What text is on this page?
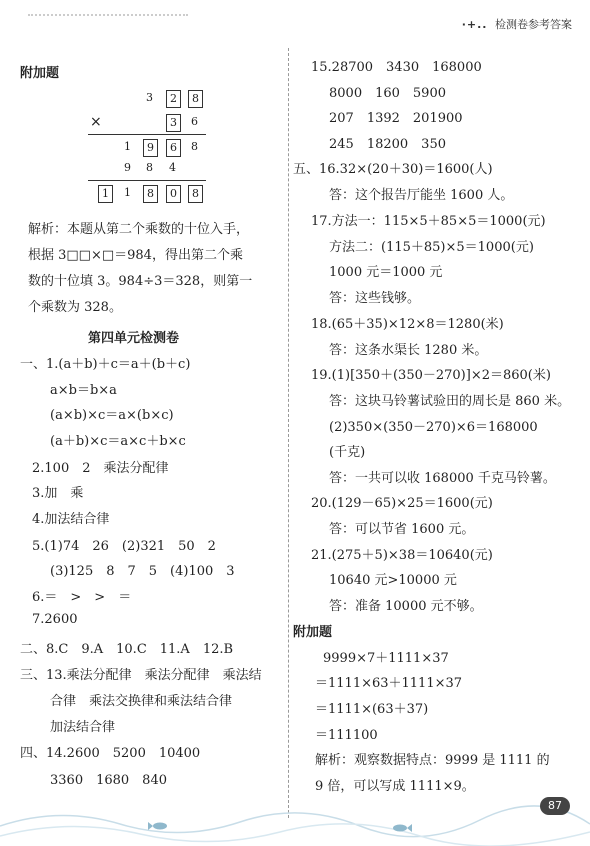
·+.. 检测卷参考答案
附加题
3	2	8
×	3	6
1	9	6	8
9 8 4
1	1	8	0	8
解析：本题从第二个乘数的十位入手，
根据 3□□×□＝984，得出第二个乘
数的十位填 3。984÷3＝328，则第一
个乘数为 328。
第四单元检测卷
一、1.(a＋b)＋c＝a＋(b＋c)
a×b＝b×a
(a×b)×c＝a×(b×c)
(a＋b)×c＝a×c＋b×c
2.100　2　乘法分配律
3.加　乘
4.加法结合律
5.(1)74　26　(2)321　50　2
(3)125　8　7　5　(4)100　3
6.＝　>　>　＝
7.2600
二、8.C　9.A　10.C　11.A　12.B
三、13.乘法分配律　乘法分配律　乘法结
合律　乘法交换律和乘法结合律
加法结合律
四、14.2600　5200　10400
3360　1680　840
15.28700　3430　168000
8000　160　5900
207　1392　201900
245　18200　350
五、16.32×(20＋30)＝1600(人)
答：这个报告厅能坐 1600 人。
17.方法一：115×5＋85×5＝1000(元)
方法二：(115＋85)×5＝1000(元)
1000 元＝1000 元
答：这些钱够。
18.(65＋35)×12×8＝1280(米)
答：这条水渠长 1280 米。
19.(1)[350＋(350－270)]×2＝860(米)
答：这块马铃薯试验田的周长是 860 米。
(2)350×(350－270)×6＝168000
(千克)
答：一共可以收 168000 千克马铃薯。
20.(129－65)×25＝1600(元)
答：可以节省 1600 元。
21.(275＋5)×38＝10640(元)
10640 元>10000 元
答：准备 10000 元不够。
附加题
9999×7＋1111×37
＝1111×63＋1111×37
＝1111×(63＋37)
＝111100
解析：观察数据特点：9999 是 1111 的
9 倍，可以写成 1111×9。
87
